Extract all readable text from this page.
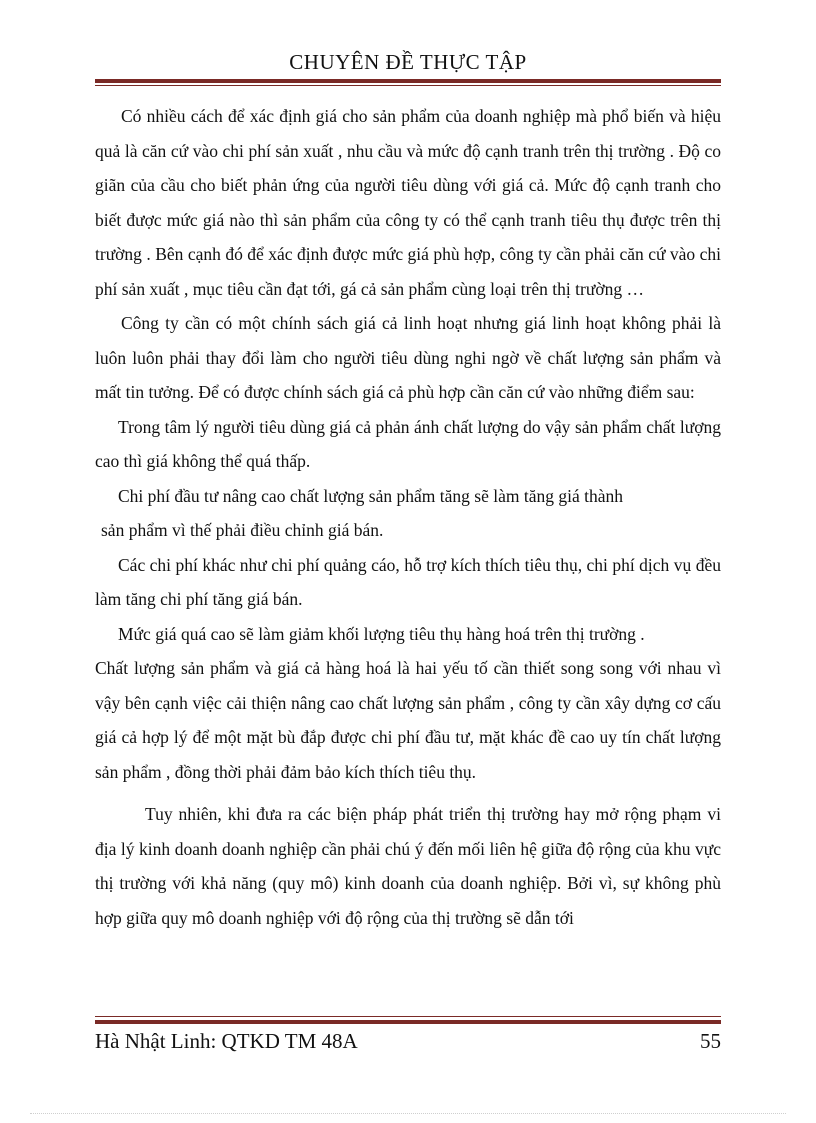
CHUYÊN ĐỀ THỰC TẬP

Có nhiều cách để xác định giá cho sản phẩm của doanh nghiệp mà phổ biến và hiệu quả là căn cứ vào chi phí sản xuất , nhu cầu và mức độ cạnh tranh trên thị trường . Độ co giãn của cầu cho biết phản ứng của người tiêu dùng với giá cả. Mức độ cạnh tranh cho biết được mức giá nào thì sản phẩm của công ty có thể cạnh tranh tiêu thụ được trên thị trường . Bên cạnh đó để xác định được mức giá phù hợp, công ty cần phải căn cứ vào chi phí sản xuất , mục tiêu cần đạt tới, gá cả sản phẩm cùng loại trên thị trường …

Công ty cần có một chính sách giá cả linh hoạt nhưng giá linh hoạt không phải là luôn luôn phải thay đổi làm cho người tiêu dùng nghi ngờ về chất lượng sản phẩm và mất tin tưởng. Để có được chính sách giá cả phù hợp cần căn cứ vào những điểm sau:

Trong tâm lý người tiêu dùng giá cả phản ánh chất lượng do vậy sản phẩm chất lượng cao thì giá không thể quá thấp.

Chi phí đầu tư nâng cao chất lượng sản phẩm tăng sẽ làm tăng giá thành

sản phẩm vì thế phải điều chỉnh giá bán.

Các chi phí khác như chi phí quảng cáo, hỗ trợ kích thích tiêu thụ, chi phí dịch vụ đều làm tăng chi phí tăng giá bán.

Mức giá quá cao sẽ làm giảm khối lượng tiêu thụ hàng hoá trên thị trường .

Chất lượng sản phẩm và giá cả hàng hoá là hai yếu tố cần thiết song song với nhau vì vậy bên cạnh việc cải thiện nâng cao chất lượng sản phẩm , công ty cần xây dựng cơ cấu giá cả hợp lý để một mặt bù đắp được chi phí đầu tư, mặt khác đề cao uy tín chất lượng sản phẩm , đồng thời phải đảm bảo kích thích tiêu thụ.

Tuy nhiên, khi đưa ra các biện pháp phát triển thị trường hay mở rộng phạm vi địa lý kinh doanh doanh nghiệp cần phải chú ý đến mối liên hệ giữa độ rộng của khu vực thị trường với khả năng (quy mô) kinh doanh của doanh nghiệp. Bởi vì, sự không phù hợp giữa quy mô doanh nghiệp với độ rộng của thị trường sẽ dẫn tới

Hà Nhật Linh: QTKD TM 48A	55
